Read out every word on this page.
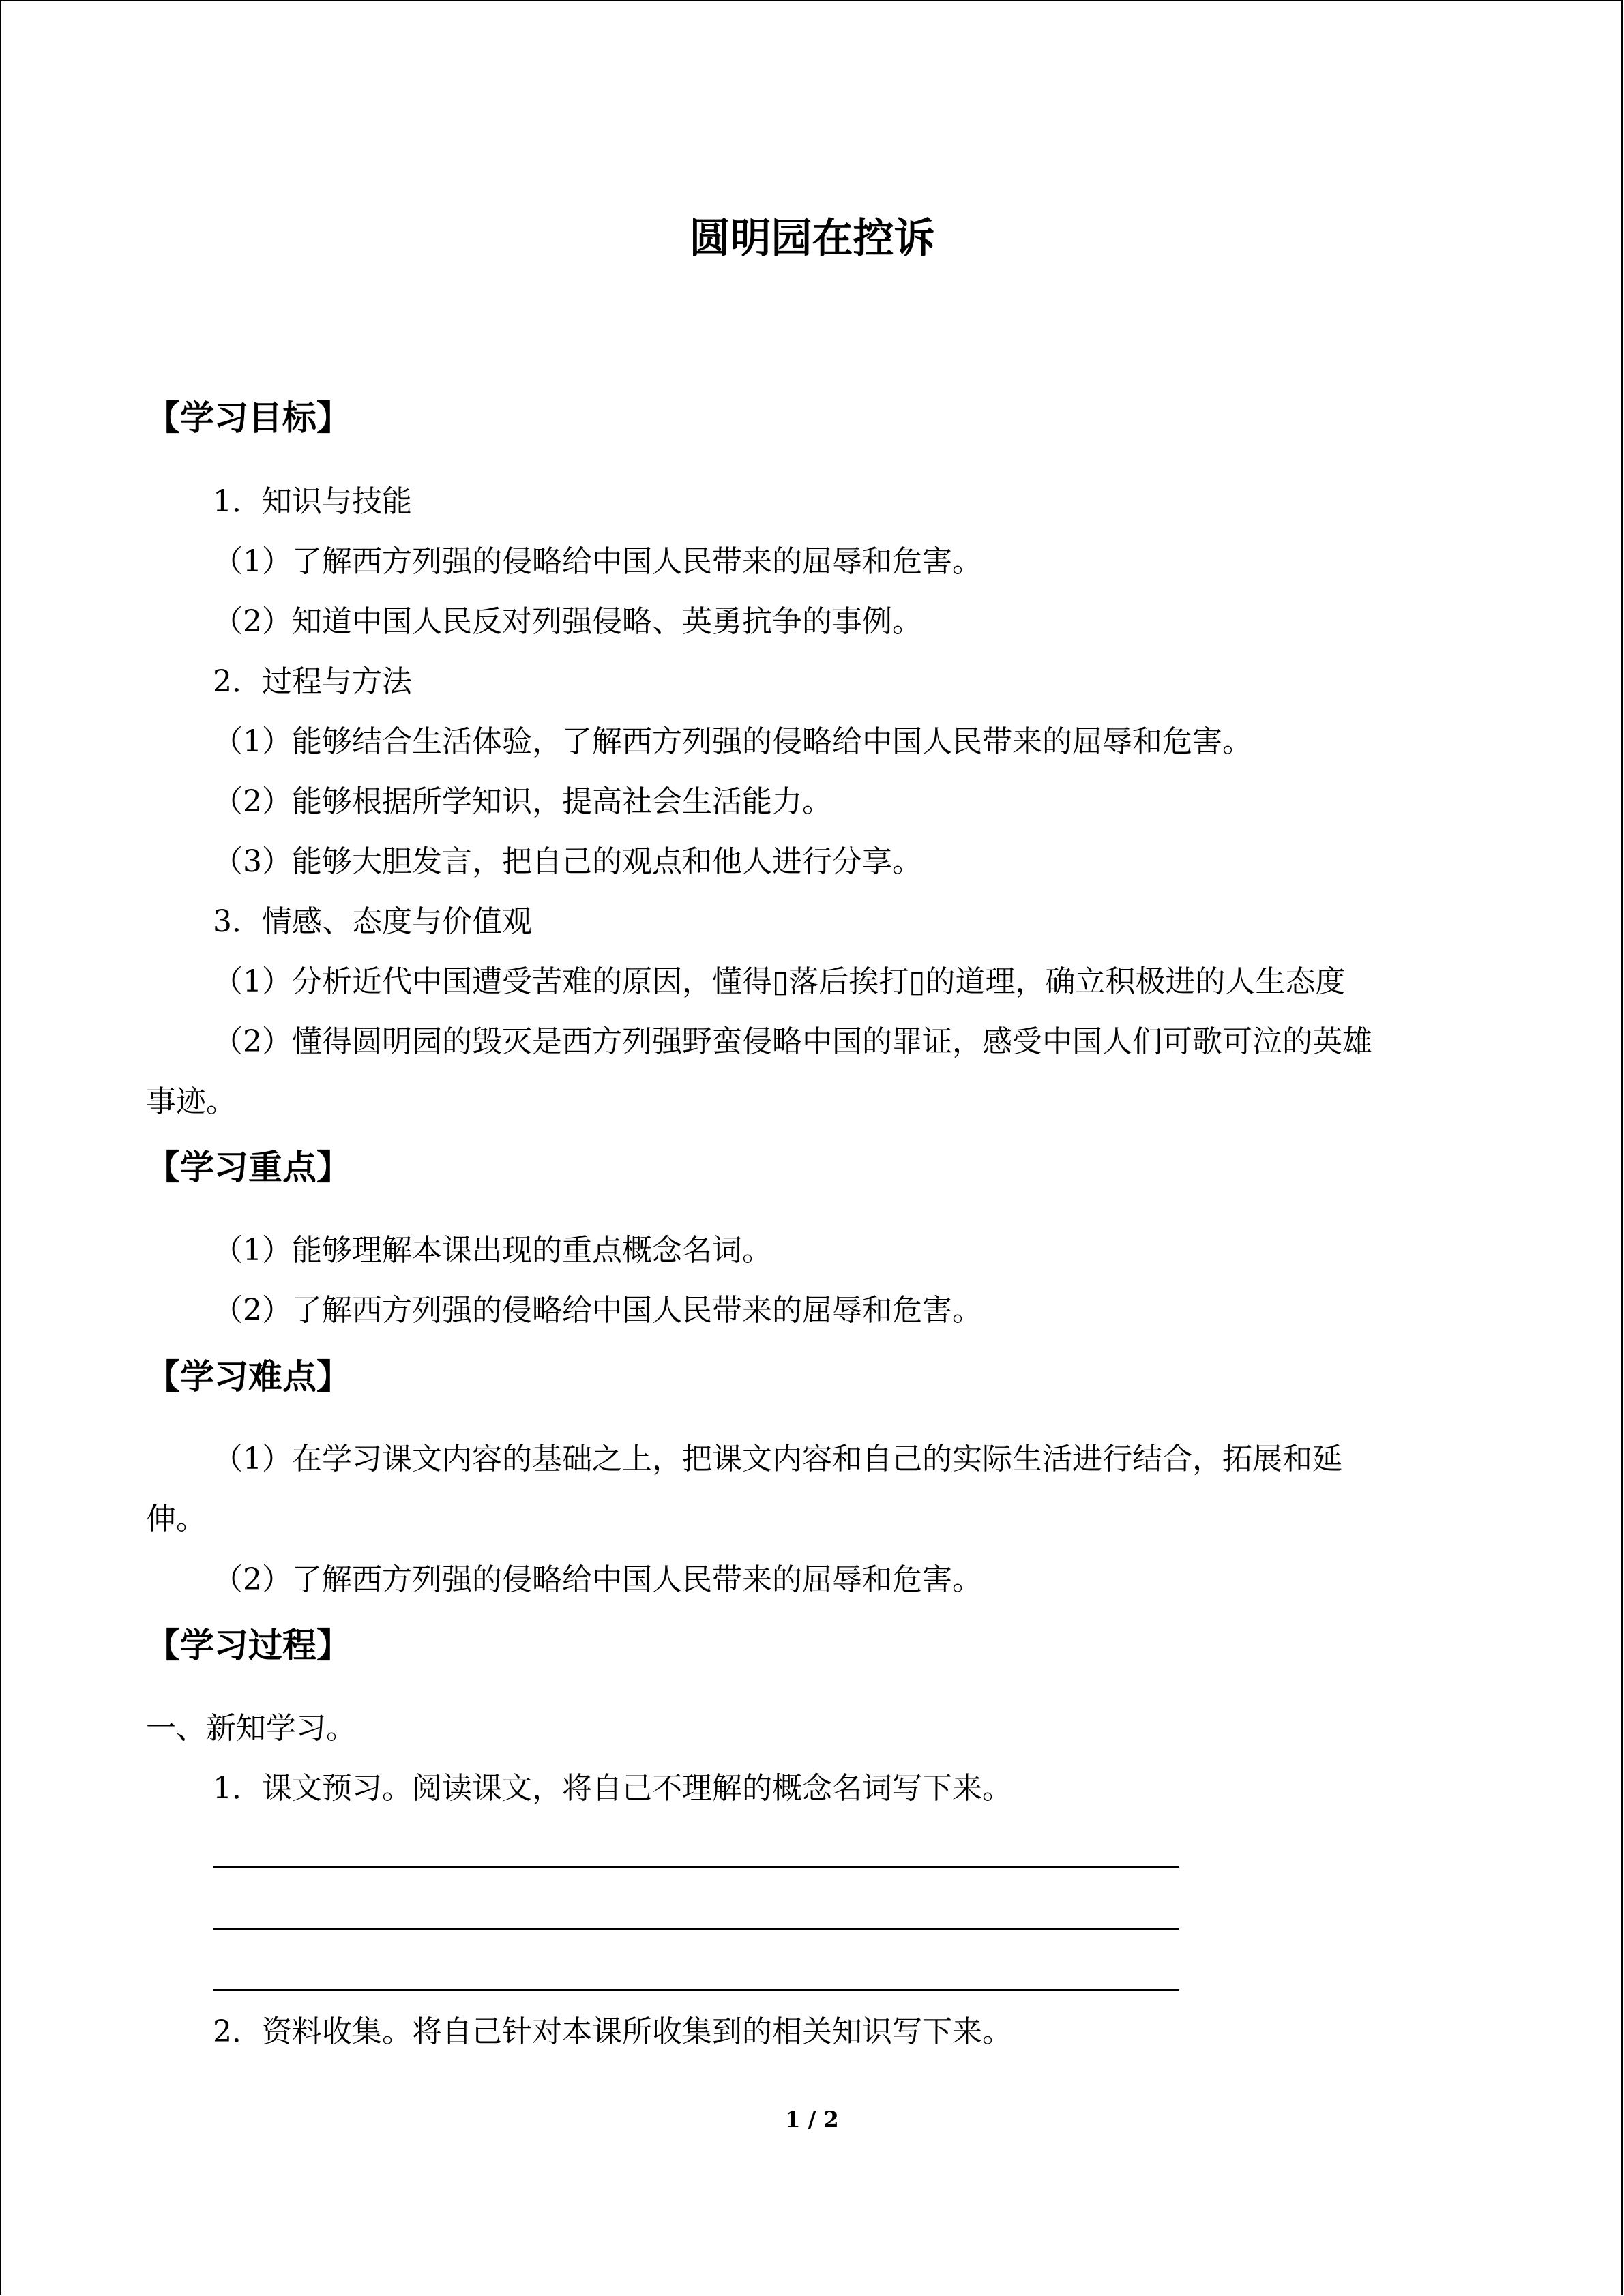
圆明园在控诉
【学习目标】
1．知识与技能
（1）了解西方列强的侵略给中国人民带来的屈辱和危害。
（2）知道中国人民反对列强侵略、英勇抗争的事例。
2．过程与方法
（1）能够结合生活体验，了解西方列强的侵略给中国人民带来的屈辱和危害。
（2）能够根据所学知识，提高社会生活能力。
（3）能够大胆发言，把自己的观点和他人进行分享。
3．情感、态度与价值观
（1）分析近代中国遭受苦难的原因，懂得▯落后挨打▯的道理，确立积极进的人生态度
（2）懂得圆明园的毁灭是西方列强野蛮侵略中国的罪证，感受中国人们可歌可泣的英雄
事迹。
【学习重点】
（1）能够理解本课出现的重点概念名词。
（2）了解西方列强的侵略给中国人民带来的屈辱和危害。
【学习难点】
（1）在学习课文内容的基础之上，把课文内容和自己的实际生活进行结合，拓展和延
伸。
（2）了解西方列强的侵略给中国人民带来的屈辱和危害。
【学习过程】
一、新知学习。
1．课文预习。阅读课文，将自己不理解的概念名词写下来。
2．资料收集。将自己针对本课所收集到的相关知识写下来。
1 / 2
